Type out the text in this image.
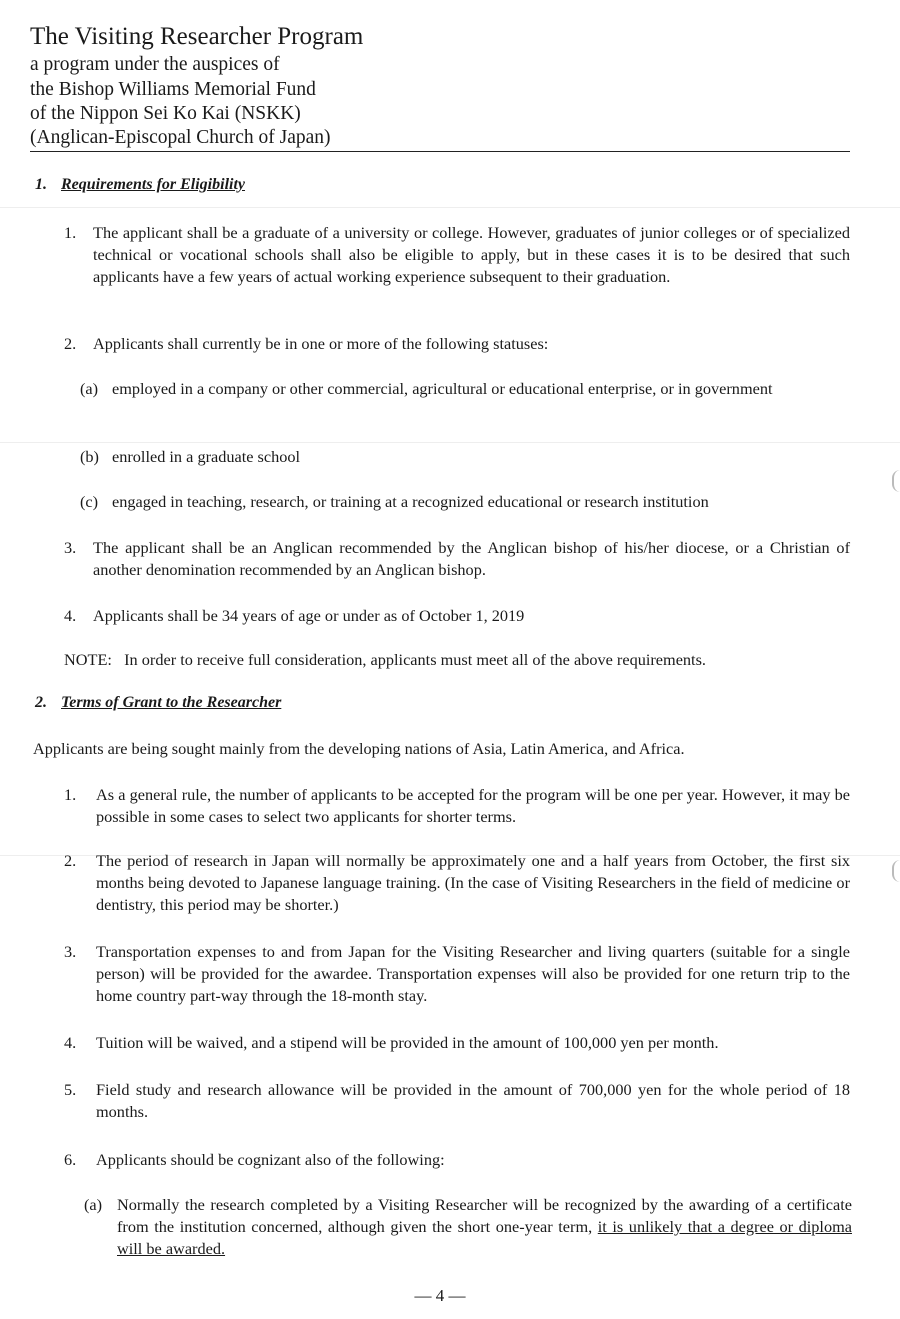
The Visiting Researcher Program
a program under the auspices of
the Bishop Williams Memorial Fund
of the Nippon Sei Ko Kai (NSKK)
(Anglican-Episcopal Church of Japan)
1. Requirements for Eligibility
1. The applicant shall be a graduate of a university or college. However, graduates of junior colleges or of specialized technical or vocational schools shall also be eligible to apply, but in these cases it is to be desired that such applicants have a few years of actual working experience subsequent to their graduation.
2. Applicants shall currently be in one or more of the following statuses:
(a) employed in a company or other commercial, agricultural or educational enterprise, or in government
(b) enrolled in a graduate school
(c) engaged in teaching, research, or training at a recognized educational or research institution
3. The applicant shall be an Anglican recommended by the Anglican bishop of his/her diocese, or a Christian of another denomination recommended by an Anglican bishop.
4. Applicants shall be 34 years of age or under as of October 1, 2019
NOTE:   In order to receive full consideration, applicants must meet all of the above requirements.
2. Terms of Grant to the Researcher
Applicants are being sought mainly from the developing nations of Asia, Latin America, and Africa.
1. As a general rule, the number of applicants to be accepted for the program will be one per year. However, it may be possible in some cases to select two applicants for shorter terms.
2. The period of research in Japan will normally be approximately one and a half years from October, the first six months being devoted to Japanese language training. (In the case of Visiting Researchers in the field of medicine or dentistry, this period may be shorter.)
3. Transportation expenses to and from Japan for the Visiting Researcher and living quarters (suitable for a single person) will be provided for the awardee. Transportation expenses will also be provided for one return trip to the home country part-way through the 18-month stay.
4. Tuition will be waived, and a stipend will be provided in the amount of 100,000 yen per month.
5. Field study and research allowance will be provided in the amount of 700,000 yen for the whole period of 18 months.
6. Applicants should be cognizant also of the following:
(a) Normally the research completed by a Visiting Researcher will be recognized by the awarding of a certificate from the institution concerned, although given the short one-year term, it is unlikely that a degree or diploma will be awarded.
— 4 —
